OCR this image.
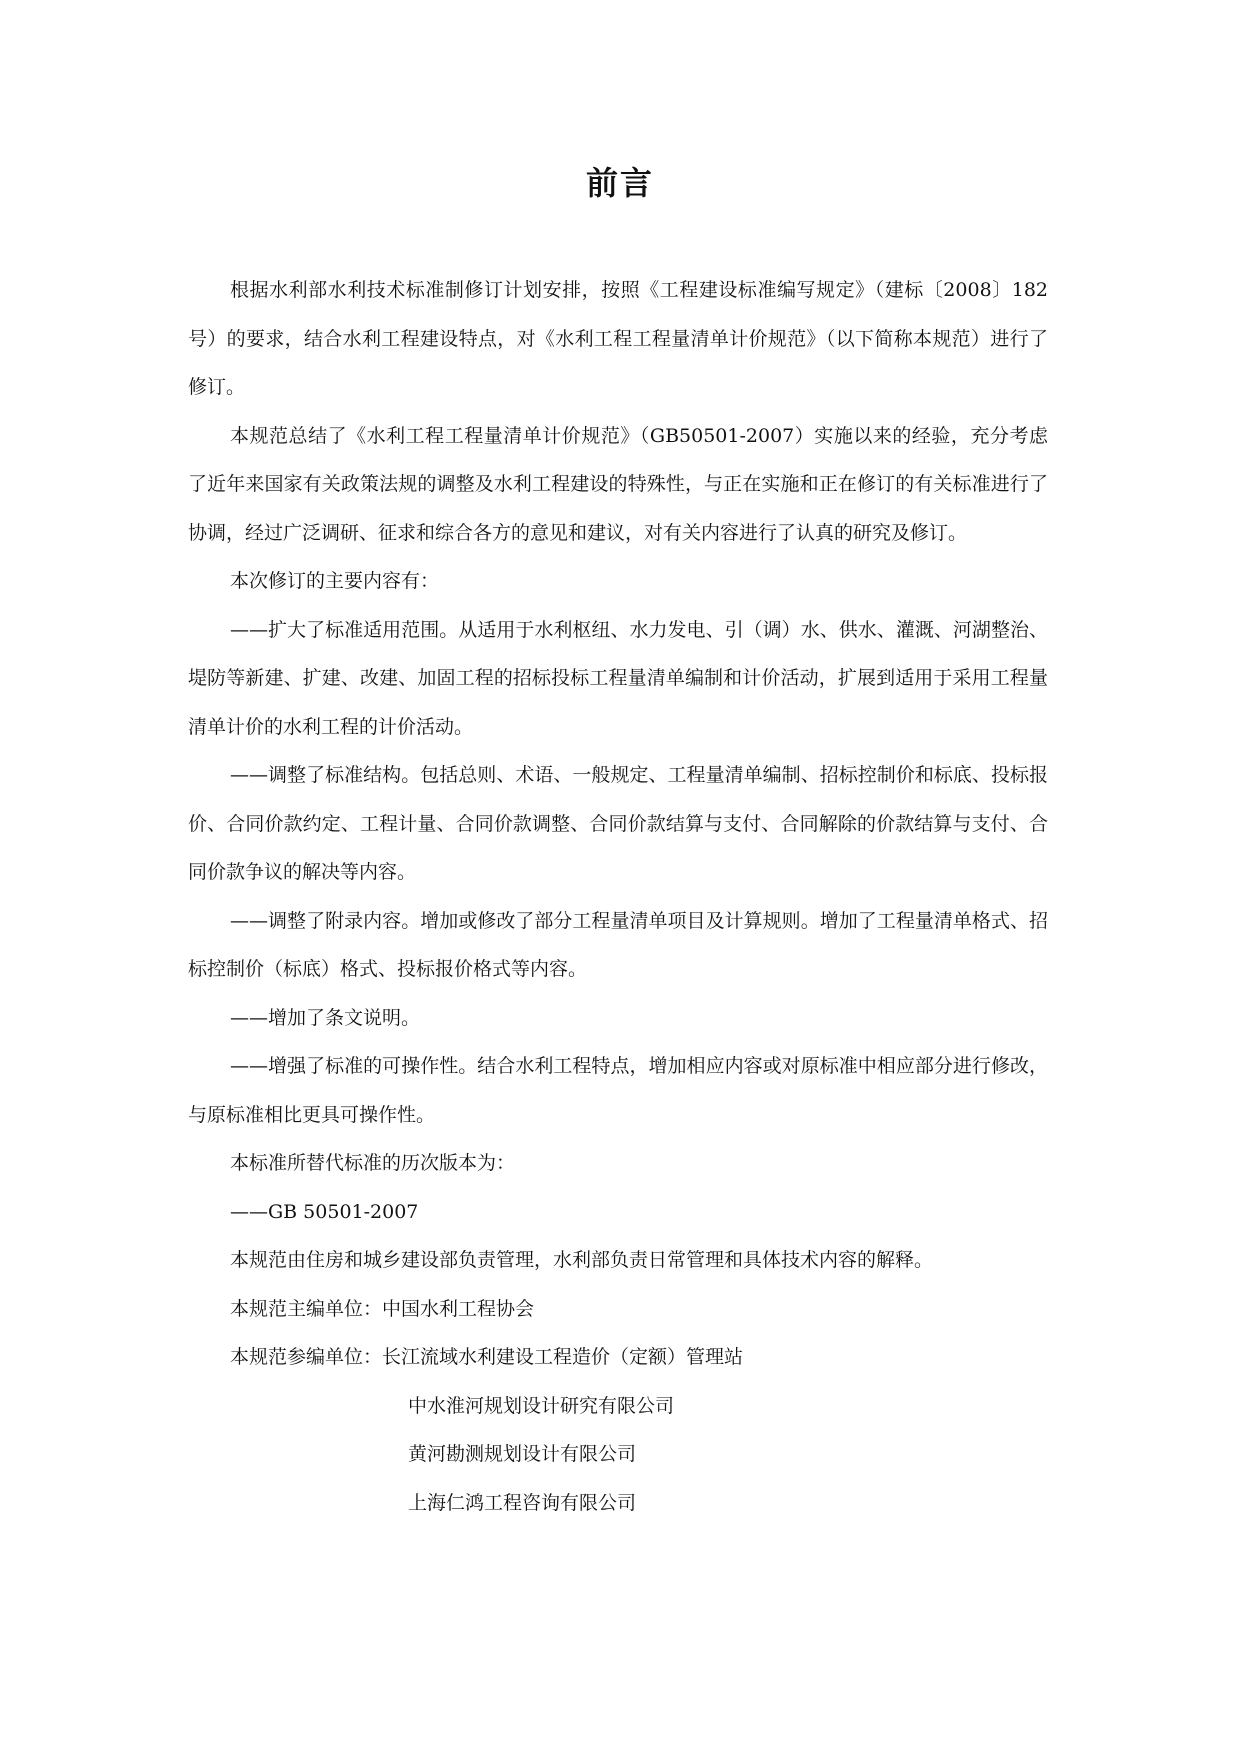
前言

根据水利部水利技术标准制修订计划安排，按照《工程建设标准编写规定》（建标〔2008〕182 号）的要求，结合水利工程建设特点，对《水利工程工程量清单计价规范》（以下简称本规范）进行了修订。

本规范总结了《水利工程工程量清单计价规范》（GB50501-2007）实施以来的经验，充分考虑了近年来国家有关政策法规的调整及水利工程建设的特殊性，与正在实施和正在修订的有关标准进行了协调，经过广泛调研、征求和综合各方的意见和建议，对有关内容进行了认真的研究及修订。

本次修订的主要内容有：

——扩大了标准适用范围。从适用于水利枢纽、水力发电、引（调）水、供水、灌溉、河湖整治、堤防等新建、扩建、改建、加固工程的招标投标工程量清单编制和计价活动，扩展到适用于采用工程量清单计价的水利工程的计价活动。

——调整了标准结构。包括总则、术语、一般规定、工程量清单编制、招标控制价和标底、投标报价、合同价款约定、工程计量、合同价款调整、合同价款结算与支付、合同解除的价款结算与支付、合同价款争议的解决等内容。

——调整了附录内容。增加或修改了部分工程量清单项目及计算规则。增加了工程量清单格式、招标控制价（标底）格式、投标报价格式等内容。

——增加了条文说明。

——增强了标准的可操作性。结合水利工程特点，增加相应内容或对原标准中相应部分进行修改，与原标准相比更具可操作性。

本标准所替代标准的历次版本为：

——GB 50501-2007

本规范由住房和城乡建设部负责管理，水利部负责日常管理和具体技术内容的解释。

本规范主编单位：中国水利工程协会

本规范参编单位：长江流域水利建设工程造价（定额）管理站

中水淮河规划设计研究有限公司

黄河勘测规划设计有限公司

上海仁鸿工程咨询有限公司
